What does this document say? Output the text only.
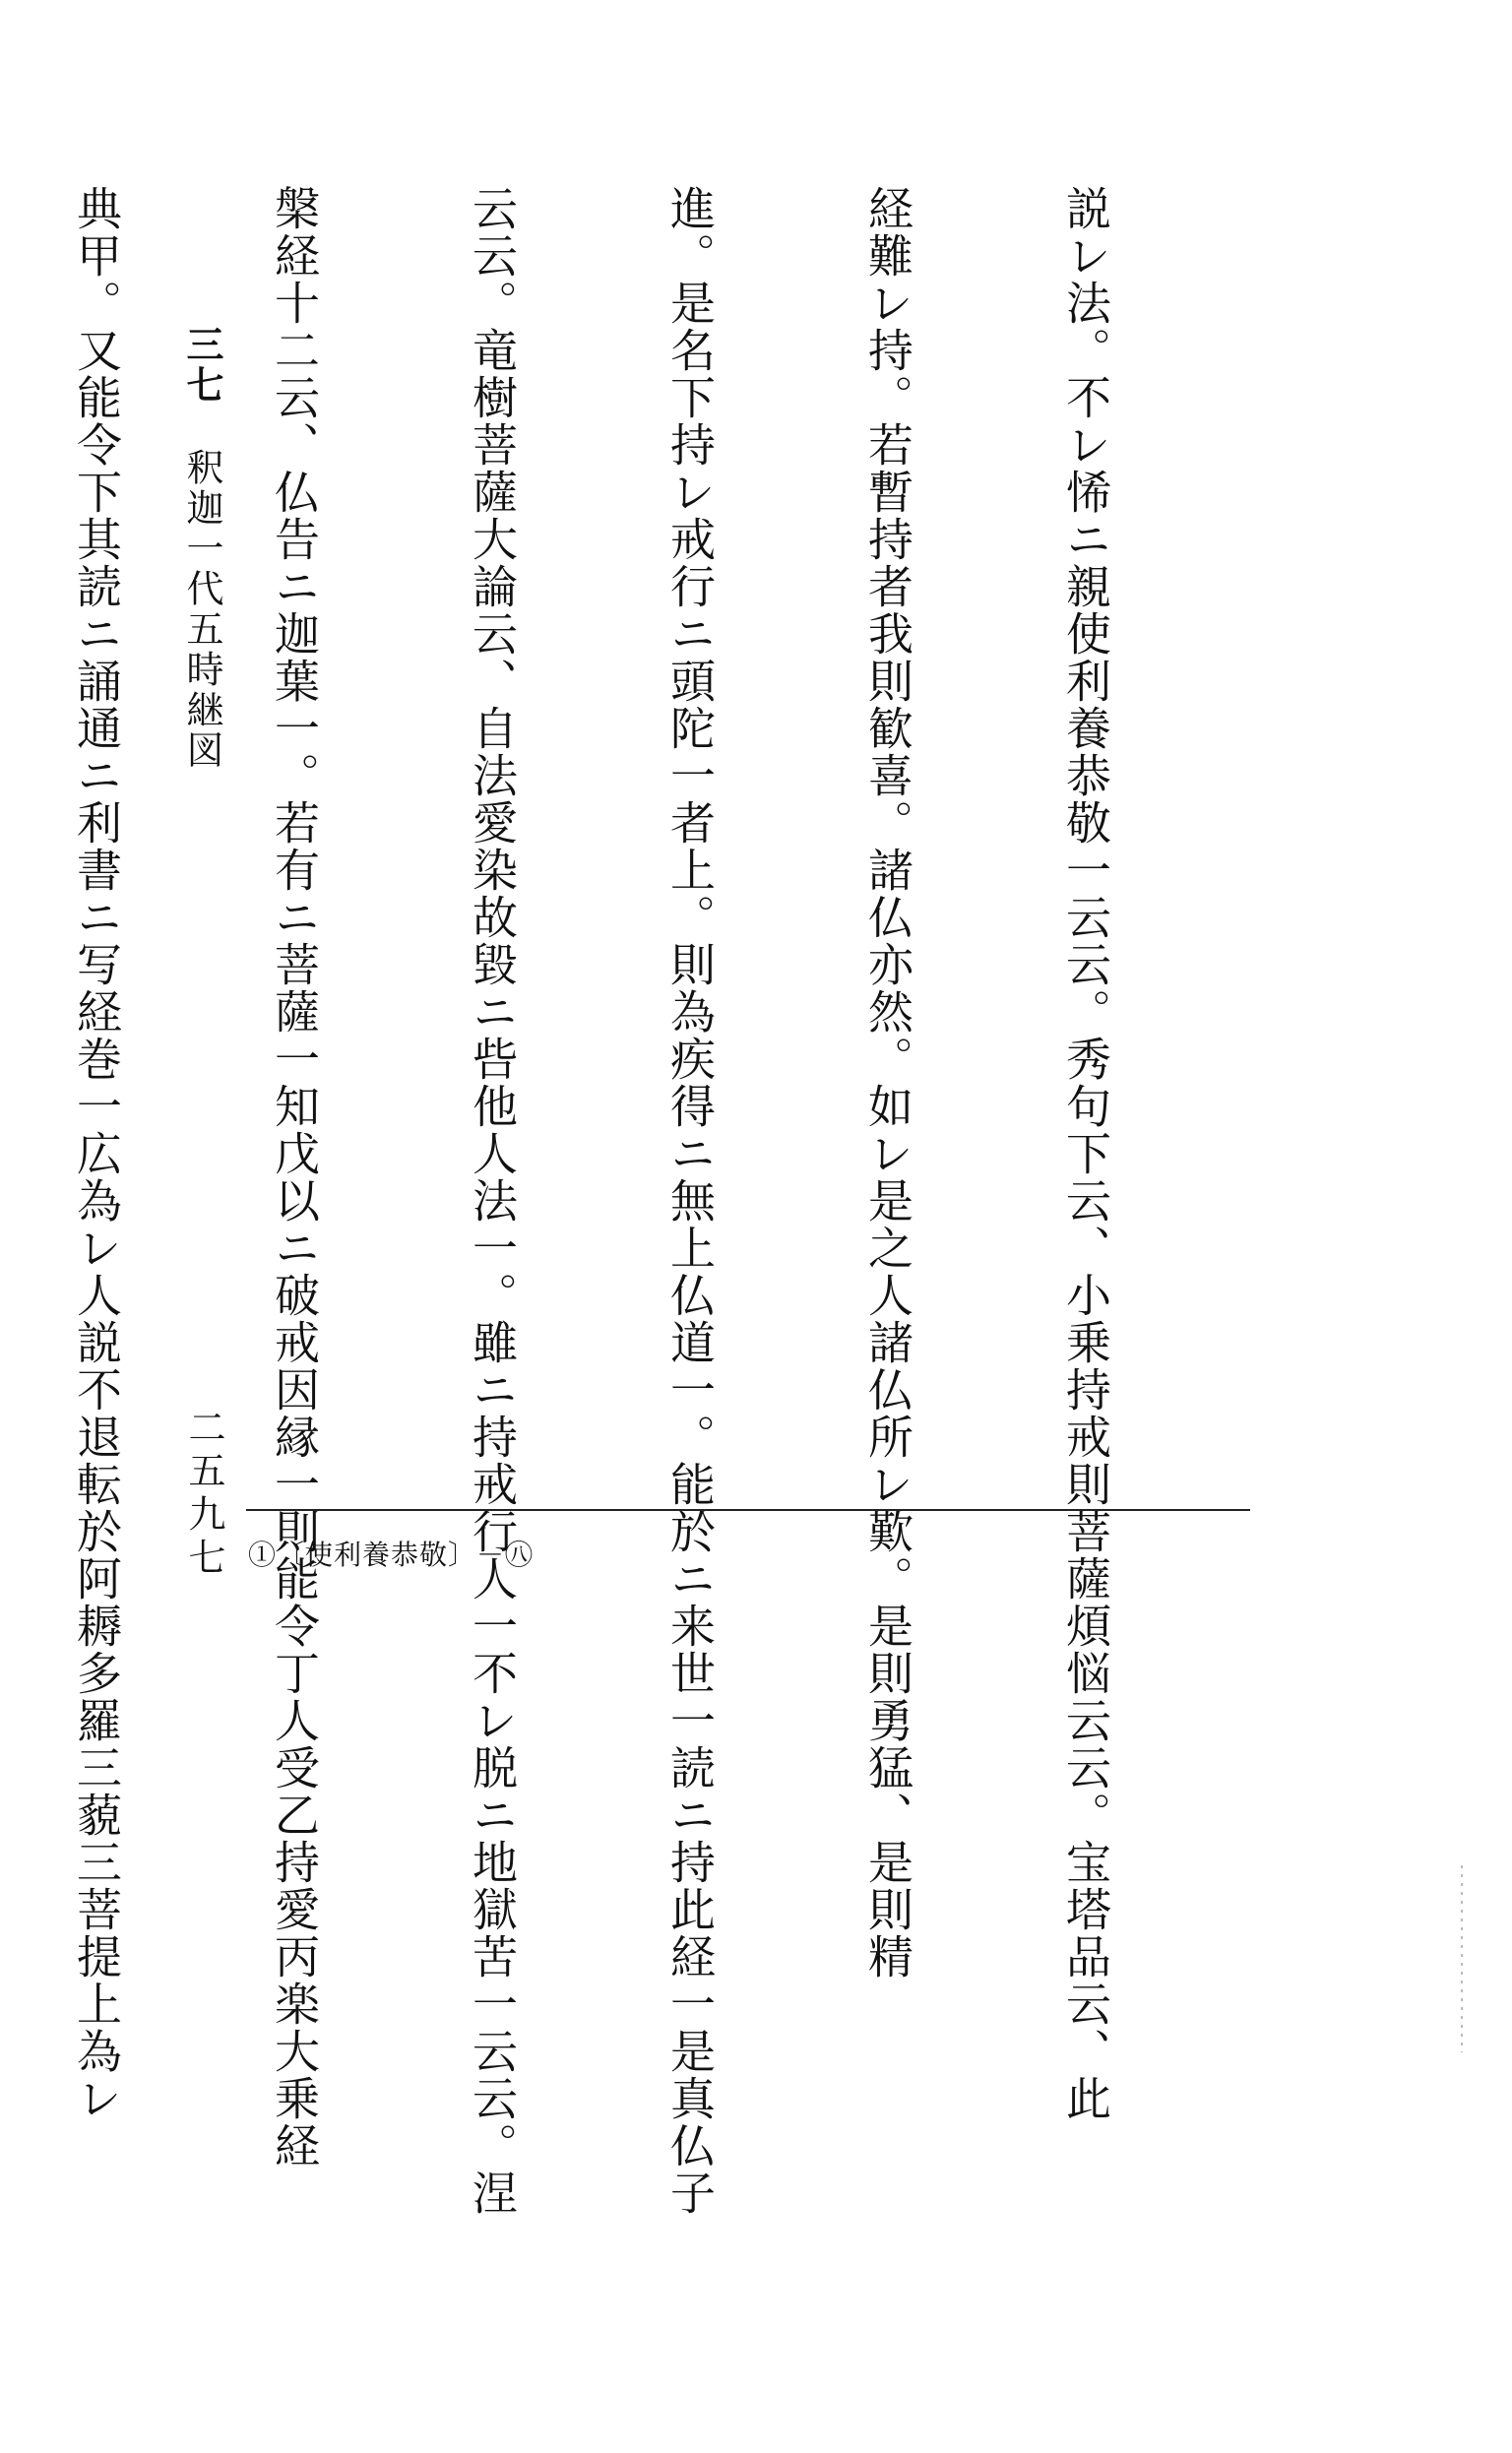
三七 釈迦一代五時継図

	説レ法。不レ悕ニ親使利養恭敬一云云。秀句下云、小乗持戒則菩薩煩悩云云。宝塔品云、此

経難レ持。若暫持者我則歓喜。諸仏亦然。如レ是之人諸仏所レ歎。是則勇猛、是則精

進。是名下持レ戒行ニ頭陀一者上。則為疾得ニ無上仏道一。能於ニ来世一読ニ持此経一是真仏子

云云。竜樹菩薩大論云、自法愛染故毀ニ呰他人法一。雖ニ持戒行人一不レ脱ニ地獄苦一云云。涅

槃経十二云、仏告ニ迦葉一。若有ニ菩薩一知戊以ニ破戒因縁一則能令丁人受乙持愛丙楽大乗経

典甲。又能令下其読ニ誦通ニ利書ニ写経巻一広為レ人説不退転於阿耨多羅三藐三菩提上為レ

二五九七 ①〔使利養恭敬〕－㊇
